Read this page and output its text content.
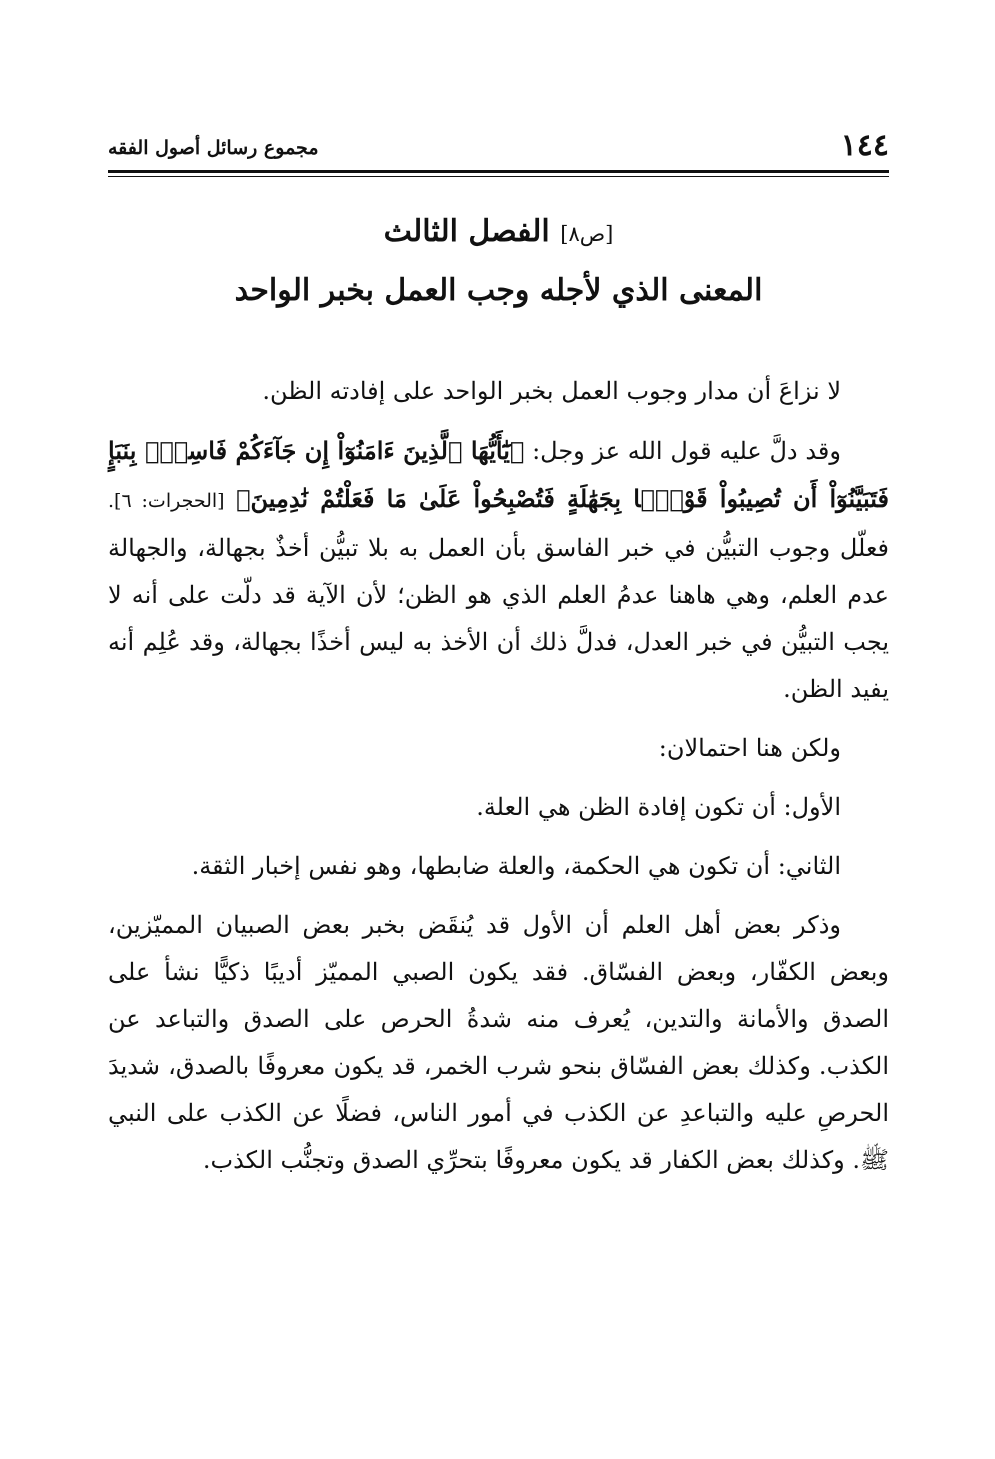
١٤٤
مجموع رسائل أصول الفقه
[ص٨] الفصل الثالث
المعنى الذي لأجله وجب العمل بخبر الواحد

لا نزاعَ أن مدار وجوب العمل بخبر الواحد على إفادته الظن.

وقد دلَّ عليه قول الله عز وجل: ﴿يَٰٓأَيُّهَا ٱلَّذِينَ ءَامَنُوٓاْ إِن جَآءَكُمْ فَاسِقٌۢ بِنَبَإٍ فَتَبَيَّنُوٓاْ أَن تُصِيبُواْ قَوْمًۢا بِجَهَٰلَةٍ فَتُصْبِحُواْ عَلَىٰ مَا فَعَلْتُمْ نَٰدِمِينَ﴾ [الحجرات: ٦]. فعلّل وجوب التبيُّن في خبر الفاسق بأن العمل به بلا تبيُّن أخذٌ بجهالة، والجهالة عدم العلم، وهي هاهنا عدمُ العلم الذي هو الظن؛ لأن الآية قد دلّت على أنه لا يجب التبيُّن في خبر العدل، فدلَّ ذلك أن الأخذ به ليس أخذًا بجهالة، وقد عُلِم أنه يفيد الظن.

ولكن هنا احتمالان:

الأول: أن تكون إفادة الظن هي العلة.

الثاني: أن تكون هي الحكمة، والعلة ضابطها، وهو نفس إخبار الثقة.

وذكر بعض أهل العلم أن الأول قد يُنقَض بخبر بعض الصبيان المميّزين، وبعض الكفّار، وبعض الفسّاق. فقد يكون الصبي المميّز أديبًا ذكيًّا نشأ على الصدق والأمانة والتدين، يُعرف منه شدةُ الحرص على الصدق والتباعد عن الكذب. وكذلك بعض الفسّاق بنحو شرب الخمر، قد يكون معروفًا بالصدق، شديدَ الحرصِ عليه والتباعدِ عن الكذب في أمور الناس، فضلًا عن الكذب على النبي ﷺ. وكذلك بعض الكفار قد يكون معروفًا بتحرِّي الصدق وتجنُّب الكذب.
